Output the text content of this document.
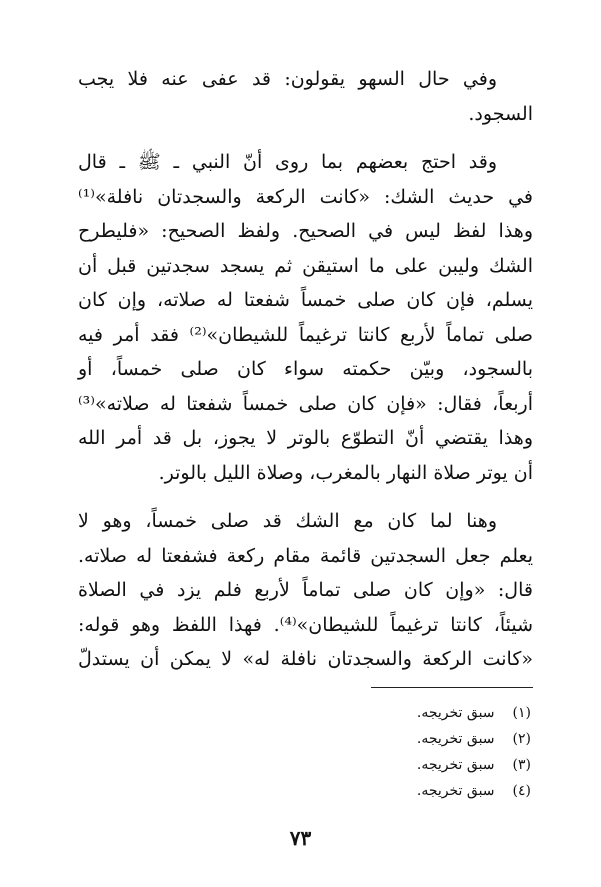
وفي حال السهو يقولون: قد عفى عنه فلا يجب
السجود.

وقد احتج بعضهم بما روى أنّ النبي ـ ﷺ ـ قال
في حديث الشك: «كانت الركعة والسجدتان نافلة»⁽¹⁾
وهذا لفظ ليس في الصحيح. ولفظ الصحيح: «فليطرح
الشك وليبن على ما استيقن ثم يسجد سجدتين قبل أن
يسلم، فإن كان صلى خمساً شفعتا له صلاته، وإن كان
صلى تماماً لأربع كانتا ترغيماً للشيطان»⁽²⁾ فقد أمر فيه
بالسجود، وبيّن حكمته سواء كان صلى خمساً، أو
أربعاً، فقال: «فإن كان صلى خمساً شفعتا له صلاته»⁽³⁾
وهذا يقتضي أنّ التطوّع بالوتر لا يجوز، بل قد أمر الله
أن يوتر صلاة النهار بالمغرب، وصلاة الليل بالوتر.

وهنا لما كان مع الشك قد صلى خمساً، وهو لا
يعلم جعل السجدتين قائمة مقام ركعة فشفعتا له صلاته.
قال: «وإن كان صلى تماماً لأربع فلم يزد في الصلاة
شيئاً، كانتا ترغيماً للشيطان»⁽⁴⁾. فهذا اللفظ وهو قوله:
«كانت الركعة والسجدتان نافلة له» لا يمكن أن يستدلّ

(١) سبق تخريجه.
(٢) سبق تخريجه.
(٣) سبق تخريجه.
(٤) سبق تخريجه.
٧٣
